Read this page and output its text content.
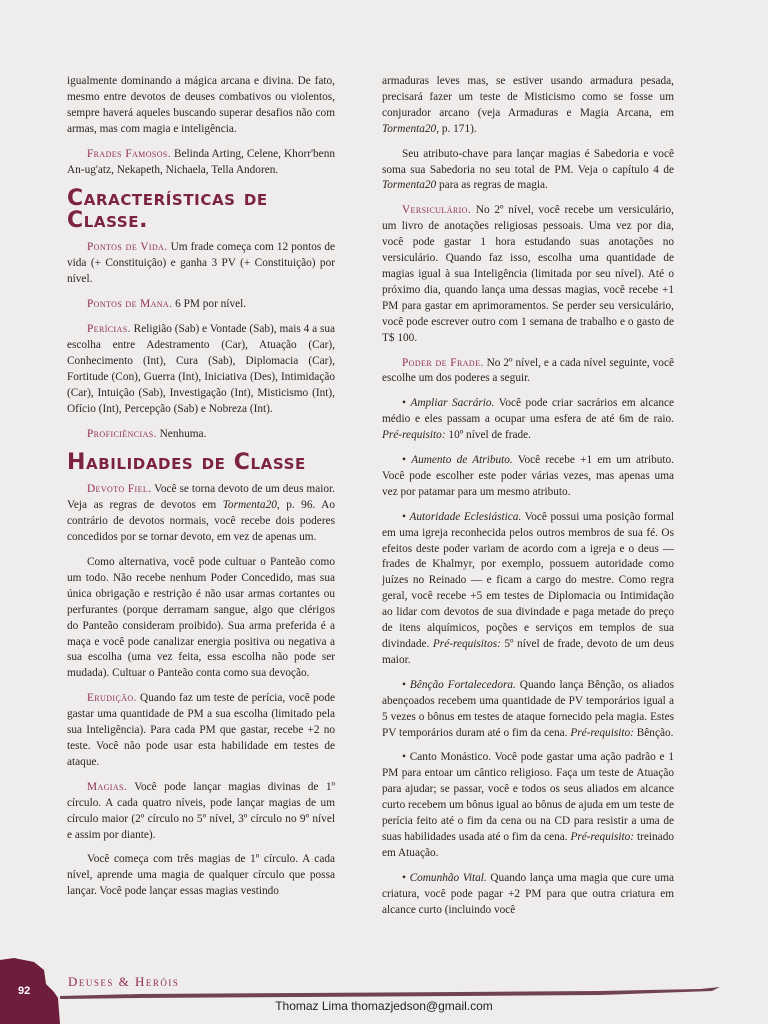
igualmente dominando a mágica arcana e divina. De fato, mesmo entre devotos de deuses combativos ou violentos, sempre haverá aqueles buscando superar desafios não com armas, mas com magia e inteligência.

Frades Famosos. Belinda Arting, Celene, Khorr'benn An-ug'atz, Nekapeth, Nichaela, Tella Andoren.

Características de Classe.

Pontos de Vida. Um frade começa com 12 pontos de vida (+ Constituição) e ganha 3 PV (+ Constituição) por nível.

Pontos de Mana. 6 PM por nível.

Perícias. Religião (Sab) e Vontade (Sab), mais 4 a sua escolha entre Adestramento (Car), Atuação (Car), Conhecimento (Int), Cura (Sab), Diplomacia (Car), Fortitude (Con), Guerra (Int), Iniciativa (Des), Intimidação (Car), Intuição (Sab), Investigação (Int), Misticismo (Int), Ofício (Int), Percepção (Sab) e Nobreza (Int).

Proficiências. Nenhuma.

Habilidades de Classe

Devoto Fiel. Você se torna devoto de um deus maior. Veja as regras de devotos em Tormenta20, p. 96. Ao contrário de devotos normais, você recebe dois poderes concedidos por se tornar devoto, em vez de apenas um.

Como alternativa, você pode cultuar o Panteão como um todo. Não recebe nenhum Poder Concedido, mas sua única obrigação e restrição é não usar armas cortantes ou perfurantes (porque derramam sangue, algo que clérigos do Panteão consideram proibido). Sua arma preferida é a maça e você pode canalizar energia positiva ou negativa a sua escolha (uma vez feita, essa escolha não pode ser mudada). Cultuar o Panteão conta como sua devoção.

Erudição. Quando faz um teste de perícia, você pode gastar uma quantidade de PM a sua escolha (limitado pela sua Inteligência). Para cada PM que gastar, recebe +2 no teste. Você não pode usar esta habilidade em testes de ataque.

Magias. Você pode lançar magias divinas de 1º círculo. A cada quatro níveis, pode lançar magias de um círculo maior (2º círculo no 5º nível, 3º círculo no 9º nível e assim por diante).

Você começa com três magias de 1º círculo. A cada nível, aprende uma magia de qualquer círculo que possa lançar. Você pode lançar essas magias vestindo

armaduras leves mas, se estiver usando armadura pesada, precisará fazer um teste de Misticismo como se fosse um conjurador arcano (veja Armaduras e Magia Arcana, em Tormenta20, p. 171).

Seu atributo-chave para lançar magias é Sabedoria e você soma sua Sabedoria no seu total de PM. Veja o capítulo 4 de Tormenta20 para as regras de magia.

Versiculário. No 2º nível, você recebe um versiculário, um livro de anotações religiosas pessoais. Uma vez por dia, você pode gastar 1 hora estudando suas anotações no versiculário. Quando faz isso, escolha uma quantidade de magias igual à sua Inteligência (limitada por seu nível). Até o próximo dia, quando lança uma dessas magias, você recebe +1 PM para gastar em aprimoramentos. Se perder seu versiculário, você pode escrever outro com 1 semana de trabalho e o gasto de T$ 100.

Poder de Frade. No 2º nível, e a cada nível seguinte, você escolhe um dos poderes a seguir.

• Ampliar Sacrário. Você pode criar sacrários em alcance médio e eles passam a ocupar uma esfera de até 6m de raio. Pré-requisito: 10º nível de frade.

• Aumento de Atributo. Você recebe +1 em um atributo. Você pode escolher este poder várias vezes, mas apenas uma vez por patamar para um mesmo atributo.

• Autoridade Eclesiástica. Você possui uma posição formal em uma igreja reconhecida pelos outros membros de sua fé. Os efeitos deste poder variam de acordo com a igreja e o deus — frades de Khalmyr, por exemplo, possuem autoridade como juízes no Reinado — e ficam a cargo do mestre. Como regra geral, você recebe +5 em testes de Diplomacia ou Intimidação ao lidar com devotos de sua divindade e paga metade do preço de itens alquímicos, poções e serviços em templos de sua divindade. Pré-requisitos: 5º nível de frade, devoto de um deus maior.

• Bênção Fortalecedora. Quando lança Bênção, os aliados abençoados recebem uma quantidade de PV temporários igual a 5 vezes o bônus em testes de ataque fornecido pela magia. Estes PV temporários duram até o fim da cena. Pré-requisito: Bênção.

• Canto Monástico. Você pode gastar uma ação padrão e 1 PM para entoar um cântico religioso. Faça um teste de Atuação para ajudar; se passar, você e todos os seus aliados em alcance curto recebem um bônus igual ao bônus de ajuda em um teste de perícia feito até o fim da cena ou na CD para resistir a uma de suas habilidades usada até o fim da cena. Pré-requisito: treinado em Atuação.

• Comunhão Vital. Quando lança uma magia que cure uma criatura, você pode pagar +2 PM para que outra criatura em alcance curto (incluindo você

92
Deuses & Heróis
Thomaz Lima thomazjedson@gmail.com
